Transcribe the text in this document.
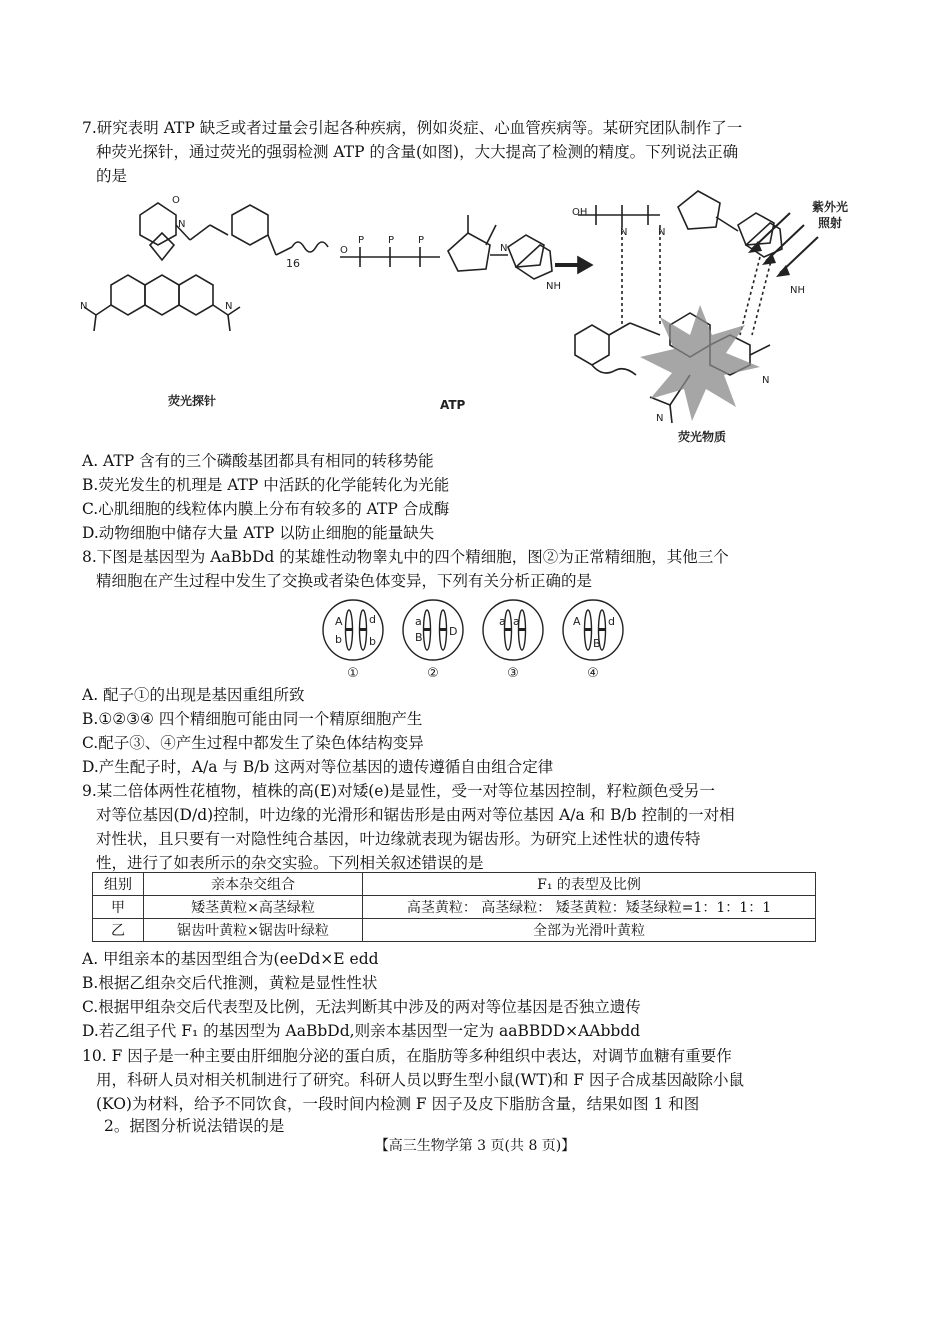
7.研究表明 ATP 缺乏或者过量会引起各种疾病，例如炎症、心血管疾病等。某研究团队制作了一
种荧光探针，通过荧光的强弱检测 ATP 的含量(如图)，大大提高了检测的精度。下列说法正确
的是
N	N
N
O
O
P P P
N
NH
N	N
OH
NH
N
N
16
荧光探针	ATP
荧光物质
紫外光
照射
A. ATP 含有的三个磷酸基团都具有相同的转移势能
B.荧光发生的机理是 ATP 中活跃的化学能转化为光能
C.心肌细胞的线粒体内膜上分布有较多的 ATP 合成酶
D.动物细胞中储存大量 ATP 以防止细胞的能量缺失
8.下图是基因型为 AaBbDd 的某雄性动物睾丸中的四个精细胞，图②为正常精细胞，其他三个
精细胞在产生过程中发生了交换或者染色体变异，下列有关分析正确的是
A
b
d
b
a
B D
a a	A
B
d
①	②	③	④
A. 配子①的出现是基因重组所致
B.①②③④ 四个精细胞可能由同一个精原细胞产生
C.配子③、④产生过程中都发生了染色体结构变异
D.产生配子时，A/a 与 B/b 这两对等位基因的遗传遵循自由组合定律
9.某二倍体两性花植物，植株的高(E)对矮(e)是显性，受一对等位基因控制，籽粒颜色受另一
对等位基因(D/d)控制，叶边缘的光滑形和锯齿形是由两对等位基因 A/a 和 B/b 控制的一对相
对性状，且只要有一对隐性纯合基因，叶边缘就表现为锯齿形。为研究上述性状的遗传特
性，进行了如表所示的杂交实验。下列相关叙述错误的是
组别	亲本杂交组合	F₁ 的表型及比例
甲	矮茎黄粒×高茎绿粒	高茎黄粒： 高茎绿粒： 矮茎黄粒：矮茎绿粒=1：1：1：1
乙	锯齿叶黄粒×锯齿叶绿粒	全部为光滑叶黄粒
A. 甲组亲本的基因型组合为(eeDd×E edd
B.根据乙组杂交后代推测，黄粒是显性性状
C.根据甲组杂交后代表型及比例，无法判断其中涉及的两对等位基因是否独立遗传
D.若乙组子代 F₁ 的基因型为 AaBbDd,则亲本基因型一定为 aaBBDD×AAbbdd
10. F 因子是一种主要由肝细胞分泌的蛋白质，在脂肪等多种组织中表达，对调节血糖有重要作
用，科研人员对相关机制进行了研究。科研人员以野生型小鼠(WT)和 F 因子合成基因敲除小鼠
(KO)为材料，给予不同饮食，一段时间内检测 F 因子及皮下脂肪含量，结果如图 1 和图
2。据图分析说法错误的是
【高三生物学第 3 页(共 8 页)】
